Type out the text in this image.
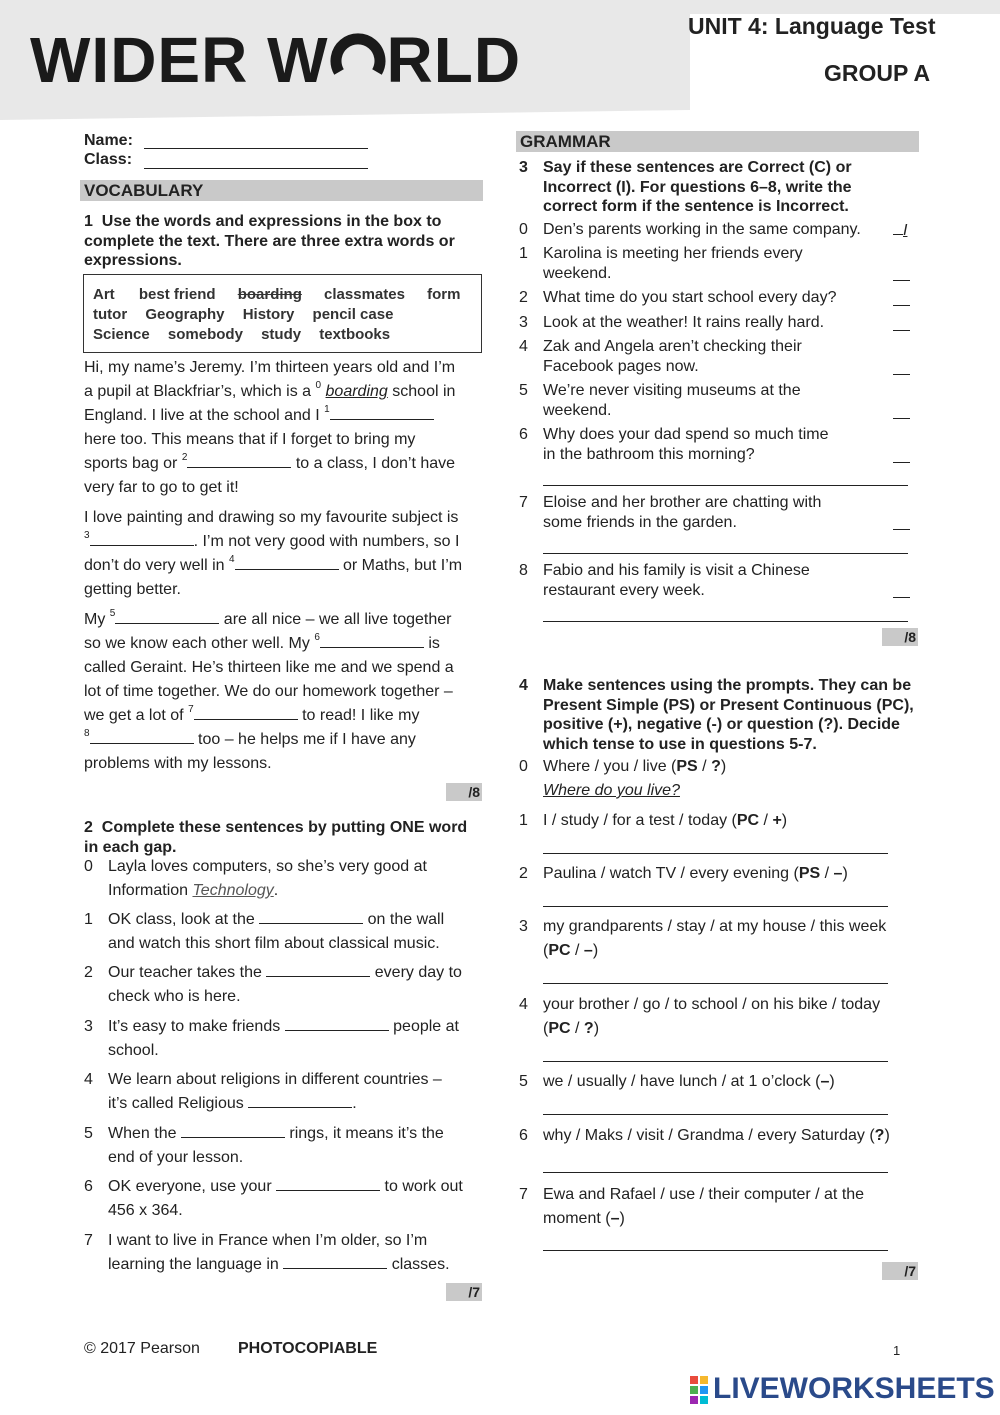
WIDER W RLD	UNIT 4: Language Test
GROUP A
Name:
Class:
VOCABULARY
1 Use the words and expressions in the box to complete the text. There are three extra words or expressions.
Art best friend boarding classmates form
tutor Geography History pencil case
Science somebody study textbooks
Hi, my name’s Jeremy. I’m thirteen years old and I’m
a pupil at Blackfriar’s, which is a $^0$ boarding school in
England. I live at the school and I $^1$
here too. This means that if I forget to bring my
sports bag or $^2$	to a class, I don’t have
very far to go to get it!
I love painting and drawing so my favourite subject is
$^3$	. I’m not very good with numbers, so I
don’t do very well in $^4$	or Maths, but I’m
getting better.
My $^5$	are all nice – we all live together
so we know each other well. My $^6$	is
called Geraint. He’s thirteen like me and we spend a
lot of time together. We do our homework together –
we get a lot of $^7$	to read! I like my
$^8$	too – he helps me if I have any
problems with my lessons.
/8
2 Complete these sentences by putting ONE word in each gap.
0 Layla loves computers, so she’s very good at
Information Technology.
1 OK class, look at the	on the wall
and watch this short film about classical music.
2 Our teacher takes the	every day to
check who is here.
3 It’s easy to make friends	people at
school.
4 We learn about religions in different countries –
it’s called Religious	.
5 When the	rings, it means it’s the
end of your lesson.
6 OK everyone, use your	to work out
456 x 364.
7 I want to live in France when I’m older, so I’m
learning the language in	classes.
/7
GRAMMAR
3 Say if these sentences are Correct (C) or Incorrect (I). For questions 6–8, write the correct form if the sentence is Incorrect.
0 Den’s parents working in the same company.	I
1 Karolina is meeting her friends every
weekend.
2 What time do you start school every day?
3 Look at the weather! It rains really hard.
4 Zak and Angela aren’t checking their
Facebook pages now.
5 We’re never visiting museums at the
weekend.
6 Why does your dad spend so much time
in the bathroom this morning?
7 Eloise and her brother are chatting with
some friends in the garden.
8 Fabio and his family is visit a Chinese
restaurant every week.
/8
4 Make sentences using the prompts. They can be Present Simple (PS) or Present Continuous (PC), positive (+), negative (-) or question (?). Decide which tense to use in questions 5-7.
0 Where / you / live (PS / ?)
Where do you live?
1 I / study / for a test / today (PC / +)
2 Paulina / watch TV / every evening (PS / –)
3 my grandparents / stay / at my house / this week
(PC / –)
4 your brother / go / to school / on his bike / today
(PC / ?)
5 we / usually / have lunch / at 1 o’clock (–)
6 why / Maks / visit / Grandma / every Saturday (?)
7 Ewa and Rafael / use / their computer / at the
moment (–)
/7
© 2017 Pearson PHOTOCOPIABLE	1
LIVEWORKSHEETS
